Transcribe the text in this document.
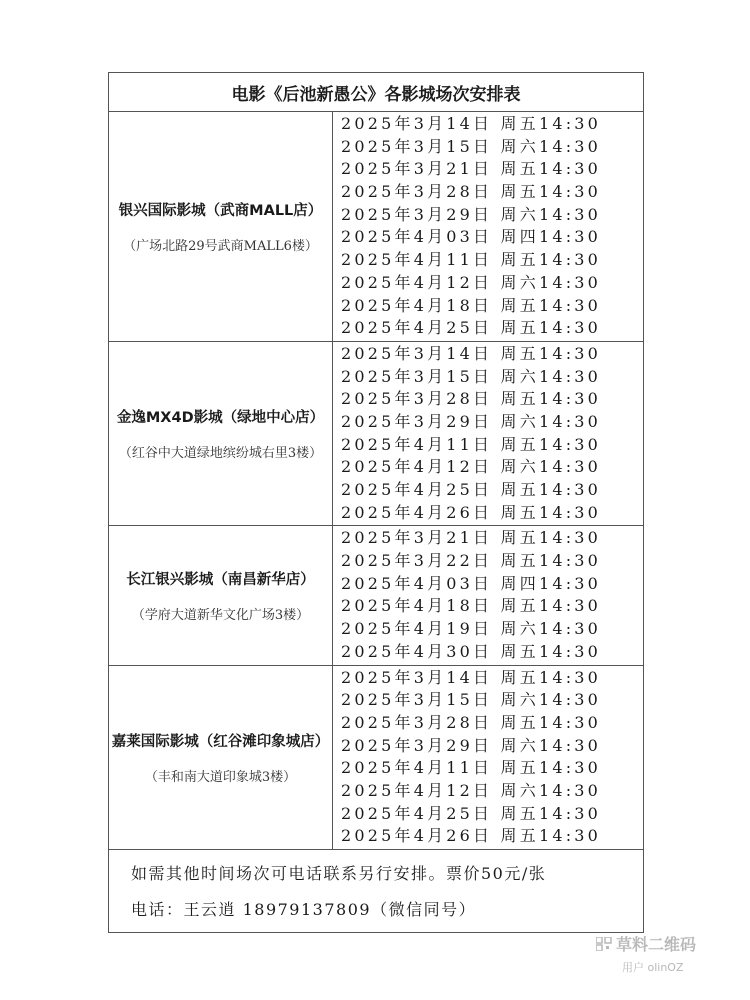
电影《后池新愚公》各影城场次安排表
银兴国际影城（武商MALL店）
（广场北路29号武商MALL6楼）
2025年3月14日 周五14:30
2025年3月15日 周六14:30
2025年3月21日 周五14:30
2025年3月28日 周五14:30
2025年3月29日 周六14:30
2025年4月03日 周四14:30
2025年4月11日 周五14:30
2025年4月12日 周六14:30
2025年4月18日 周五14:30
2025年4月25日 周五14:30
金逸MX4D影城（绿地中心店）
（红谷中大道绿地缤纷城右里3楼）
2025年3月14日 周五14:30
2025年3月15日 周六14:30
2025年3月28日 周五14:30
2025年3月29日 周六14:30
2025年4月11日 周五14:30
2025年4月12日 周六14:30
2025年4月25日 周五14:30
2025年4月26日 周五14:30
长江银兴影城（南昌新华店）
（学府大道新华文化广场3楼）
2025年3月21日 周五14:30
2025年3月22日 周五14:30
2025年4月03日 周四14:30
2025年4月18日 周五14:30
2025年4月19日 周六14:30
2025年4月30日 周五14:30
嘉莱国际影城（红谷滩印象城店）
（丰和南大道印象城3楼）
2025年3月14日 周五14:30
2025年3月15日 周六14:30
2025年3月28日 周五14:30
2025年3月29日 周六14:30
2025年4月11日 周五14:30
2025年4月12日 周六14:30
2025年4月25日 周五14:30
2025年4月26日 周五14:30
如需其他时间场次可电话联系另行安排。票价50元/张
电话：王云逍 18979137809（微信同号）
草料二维码
用户 olinOZ
